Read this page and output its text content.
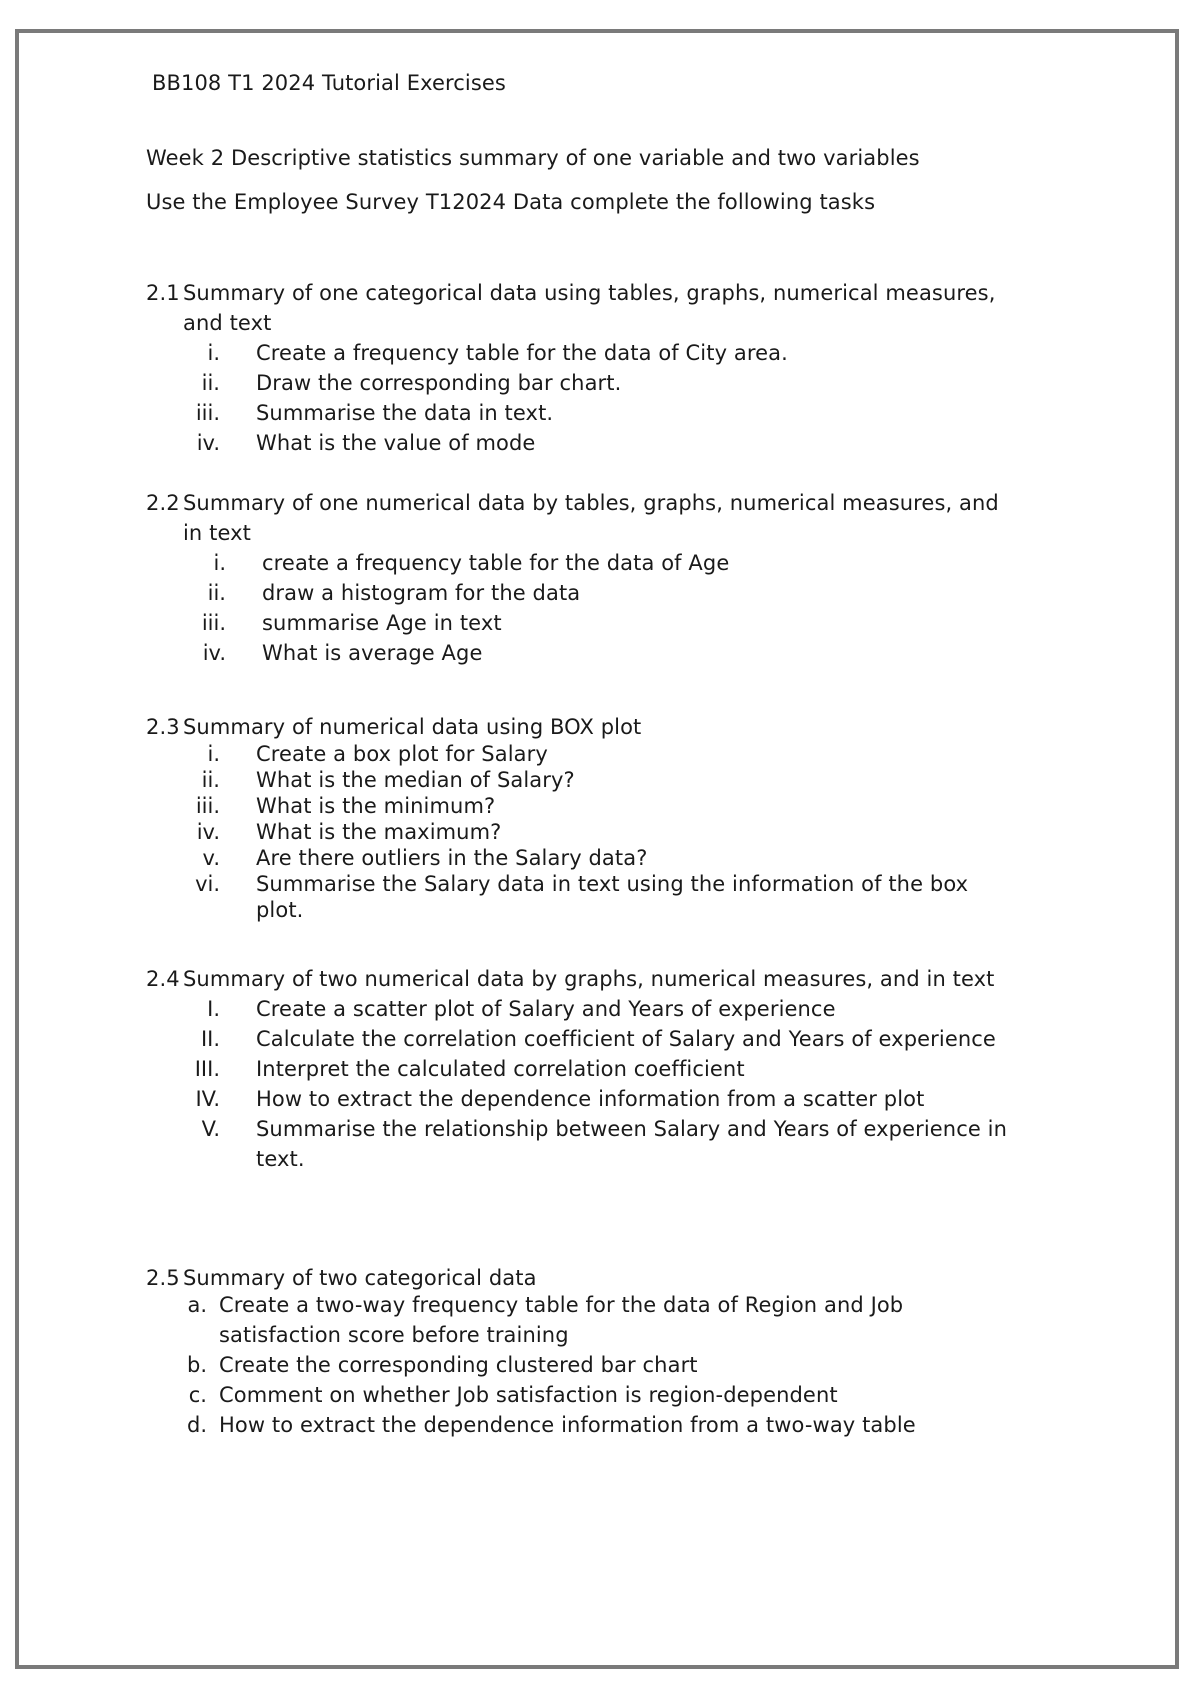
BB108 T1 2024 Tutorial Exercises
Week 2 Descriptive statistics summary of one variable and two variables
Use the Employee Survey T12024 Data complete the following tasks
2.1 Summary of one categorical data using tables, graphs, numerical measures,
and text
i. Create a frequency table for the data of City area.
ii. Draw the corresponding bar chart.
iii. Summarise the data in text.
iv. What is the value of mode
2.2 Summary of one numerical data by tables, graphs, numerical measures, and
in text
i. create a frequency table for the data of Age
ii. draw a histogram for the data
iii. summarise Age in text
iv. What is average Age
2.3 Summary of numerical data using BOX plot
i. Create a box plot for Salary
ii. What is the median of Salary?
iii. What is the minimum?
iv. What is the maximum?
v. Are there outliers in the Salary data?
vi. Summarise the Salary data in text using the information of the box
plot.
2.4 Summary of two numerical data by graphs, numerical measures, and in text
I. Create a scatter plot of Salary and Years of experience
II. Calculate the correlation coefficient of Salary and Years of experience
III. Interpret the calculated correlation coefficient
IV. How to extract the dependence information from a scatter plot
V. Summarise the relationship between Salary and Years of experience in
text.
2.5 Summary of two categorical data
a. Create a two-way frequency table for the data of Region and Job
satisfaction score before training
b. Create the corresponding clustered bar chart
c. Comment on whether Job satisfaction is region-dependent
d. How to extract the dependence information from a two-way table
